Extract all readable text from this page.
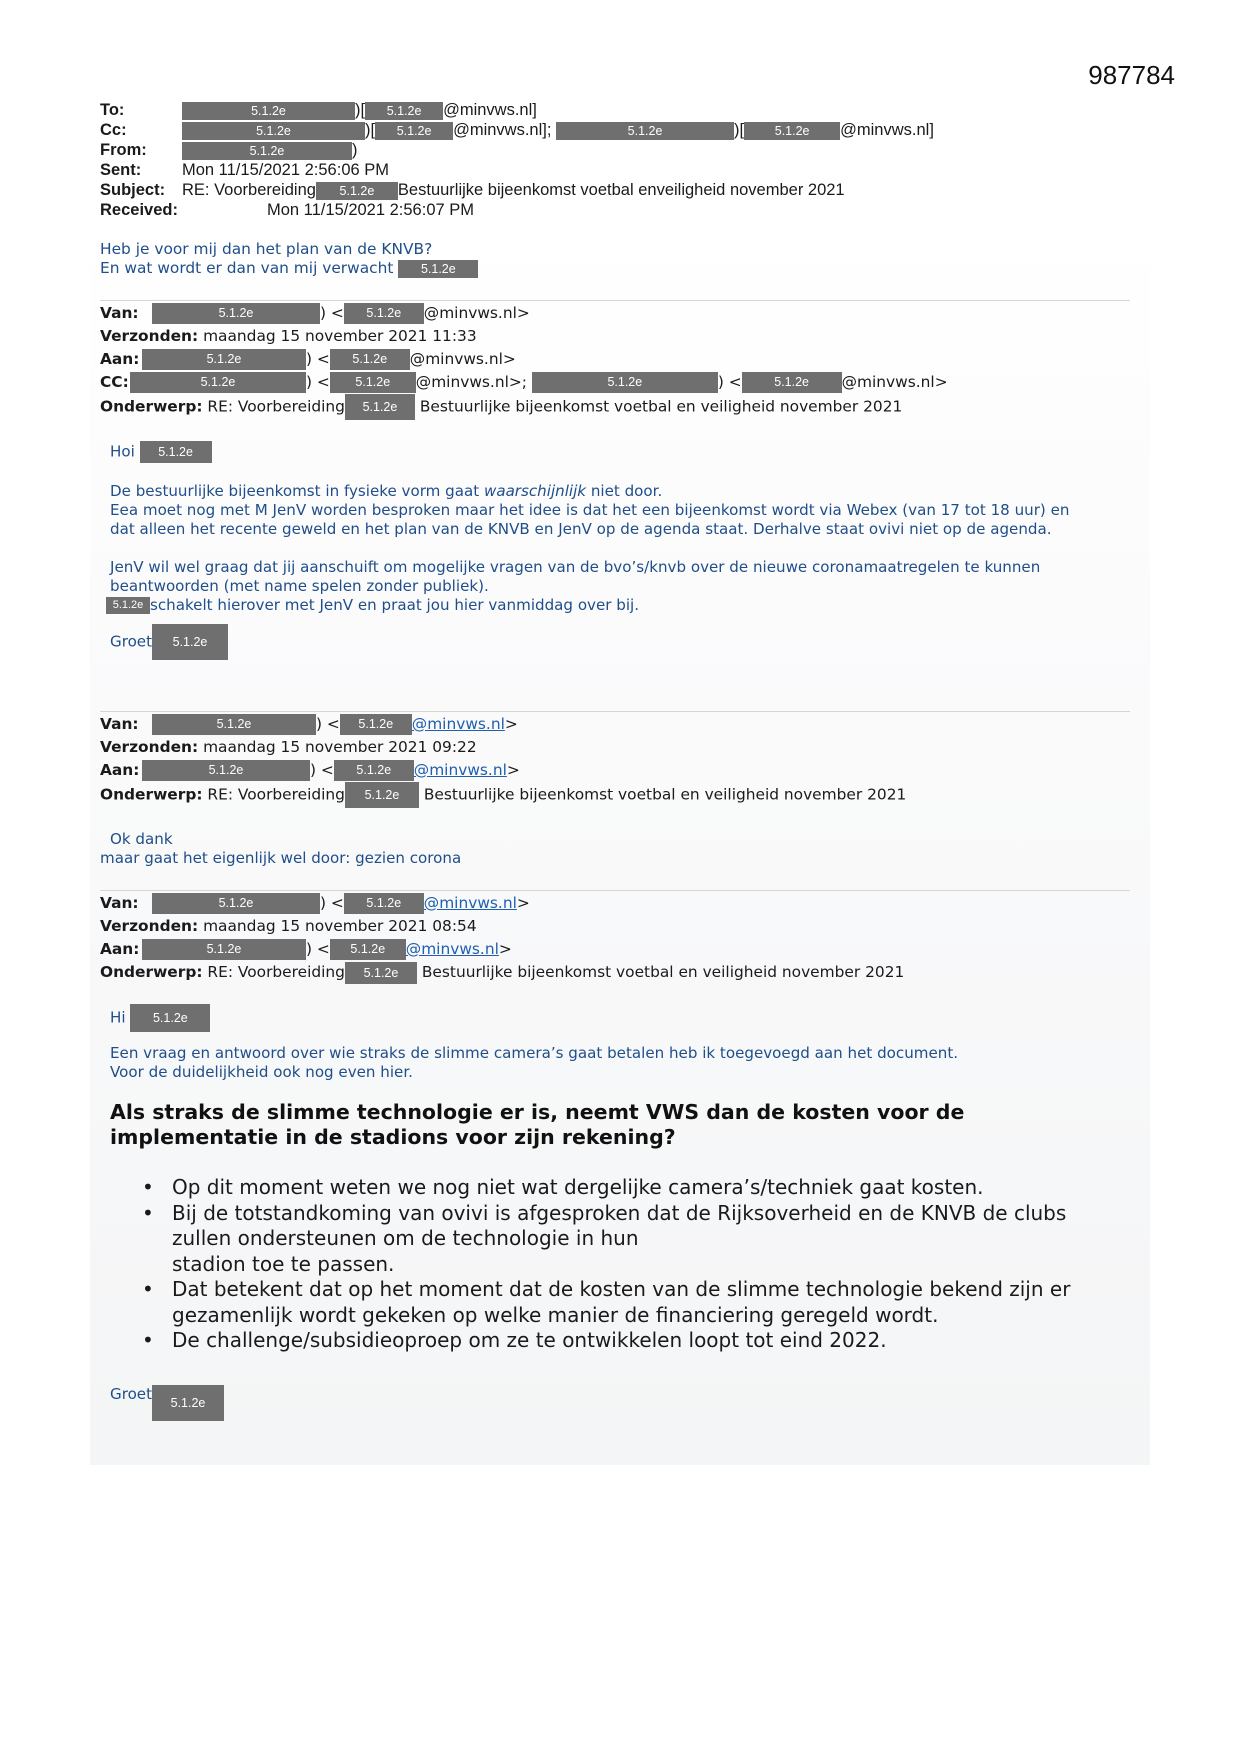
987784
To:	5.1.2e	)[ 5.1.2e @minvws.nl]
Cc:	5.1.2e	)[ 5.1.2e @minvws.nl];	5.1.2e	)[ 5.1.2e @minvws.nl]
From:	5.1.2e	)
Sent: Mon 11/15/2021 2:56:06 PM
Subject: RE: Voorbereiding 5.1.2e Bestuurlijke bijeenkomst voetbal enveiligheid november 2021
Received:	Mon 11/15/2021 2:56:07 PM
Heb je voor mij dan het plan van de KNVB?
En wat wordt er dan van mij verwacht 5.1.2e
Van:	5.1.2e	) < 5.1.2e @minvws.nl>
Verzonden: maandag 15 november 2021 11:33
Aan:	5.1.2e	) < 5.1.2e @minvws.nl>
CC:	5.1.2e	) < 5.1.2e @minvws.nl>;	5.1.2e	) <	5.1.2e @minvws.nl>
Onderwerp: RE: Voorbereiding 5.1.2e Bestuurlijke bijeenkomst voetbal en veiligheid november 2021
Hoi 5.1.2e
De bestuurlijke bijeenkomst in fysieke vorm gaat waarschijnlijk niet door.
Eea moet nog met M JenV worden besproken maar het idee is dat het een bijeenkomst wordt via Webex (van 17 tot 18 uur) en
dat alleen het recente geweld en het plan van de KNVB en JenV op de agenda staat. Derhalve staat ovivi niet op de agenda.
JenV wil wel graag dat jij aanschuift om mogelijke vragen van de bvo’s/knvb over de nieuwe coronamaatregelen te kunnen
beantwoorden (met name spelen zonder publiek).
5.1.2e schakelt hierover met JenV en praat jou hier vanmiddag over bij.
Groet 5.1.2e
Van:	5.1.2e	) < 5.1.2e @minvws.nl>
Verzonden: maandag 15 november 2021 09:22
Aan:	5.1.2e	) < 5.1.2e @minvws.nl>
Onderwerp: RE: Voorbereiding 5.1.2e Bestuurlijke bijeenkomst voetbal en veiligheid november 2021
Ok dank
maar gaat het eigenlijk wel door: gezien corona
Van:	5.1.2e	) < 5.1.2e @minvws.nl>
Verzonden: maandag 15 november 2021 08:54
Aan:	5.1.2e	) < 5.1.2e @minvws.nl>
Onderwerp: RE: Voorbereiding 5.1.2e Bestuurlijke bijeenkomst voetbal en veiligheid november 2021
Hi 5.1.2e
Een vraag en antwoord over wie straks de slimme camera’s gaat betalen heb ik toegevoegd aan het document.
Voor de duidelijkheid ook nog even hier.
Als straks de slimme technologie er is, neemt VWS dan de kosten voor de
implementatie in de stadions voor zijn rekening?
• Op dit moment weten we nog niet wat dergelijke camera’s/techniek gaat kosten.
• Bij de totstandkoming van ovivi is afgesproken dat de Rijksoverheid en de KNVB de clubs
zullen ondersteunen om de technologie in hun
stadion toe te passen.
• Dat betekent dat op het moment dat de kosten van de slimme technologie bekend zijn er
gezamenlijk wordt gekeken op welke manier de financiering geregeld wordt.
• De challenge/subsidieoproep om ze te ontwikkelen loopt tot eind 2022.
Groet 5.1.2e
